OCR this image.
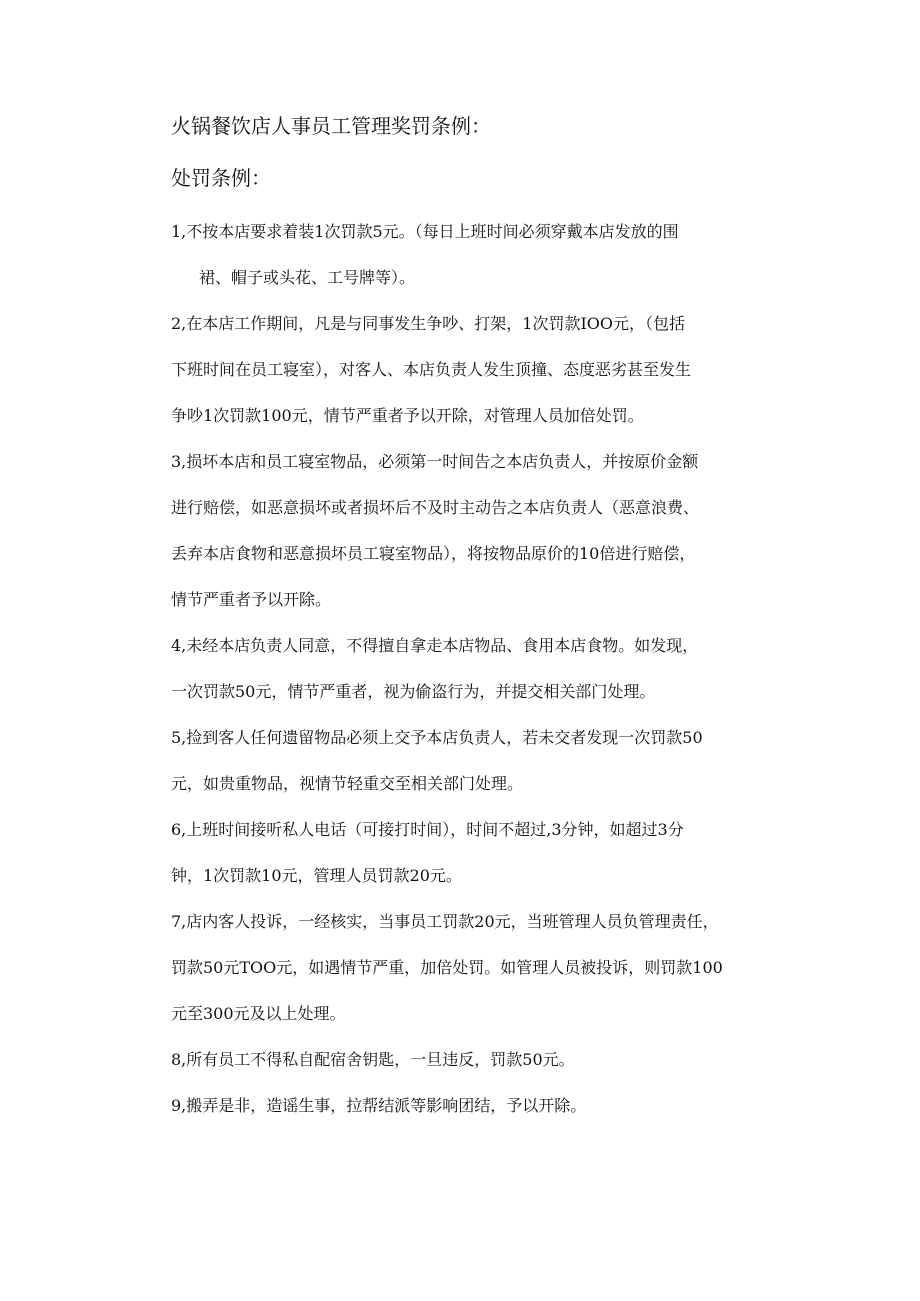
火锅餐饮店人事员工管理奖罚条例：
处罚条例：
1,不按本店要求着装1次罚款5元。（每日上班时间必须穿戴本店发放的围
裙、帽子或头花、工号牌等）。
2,在本店工作期间，凡是与同事发生争吵、打架，1次罚款IOO元，（包括
下班时间在员工寝室），对客人、本店负责人发生顶撞、态度恶劣甚至发生
争吵1次罚款100元，情节严重者予以开除，对管理人员加倍处罚。
3,损坏本店和员工寝室物品，必须第一时间告之本店负责人，并按原价金额
进行赔偿，如恶意损坏或者损坏后不及时主动告之本店负责人（恶意浪费、
丢弃本店食物和恶意损坏员工寝室物品），将按物品原价的10倍进行赔偿，
情节严重者予以开除。
4,未经本店负责人同意，不得擅自拿走本店物品、食用本店食物。如发现，
一次罚款50元，情节严重者，视为偷盗行为，并提交相关部门处理。
5,捡到客人任何遗留物品必须上交予本店负责人，若未交者发现一次罚款50
元，如贵重物品，视情节轻重交至相关部门处理。
6,上班时间接听私人电话（可接打时间），时间不超过,3分钟，如超过3分
钟，1次罚款10元，管理人员罚款20元。
7,店内客人投诉，一经核实，当事员工罚款20元，当班管理人员负管理责任，
罚款50元TOO元，如遇情节严重，加倍处罚。如管理人员被投诉，则罚款100
元至300元及以上处理。
8,所有员工不得私自配宿舍钥匙，一旦违反，罚款50元。
9,搬弄是非，造谣生事，拉帮结派等影响团结，予以开除。
